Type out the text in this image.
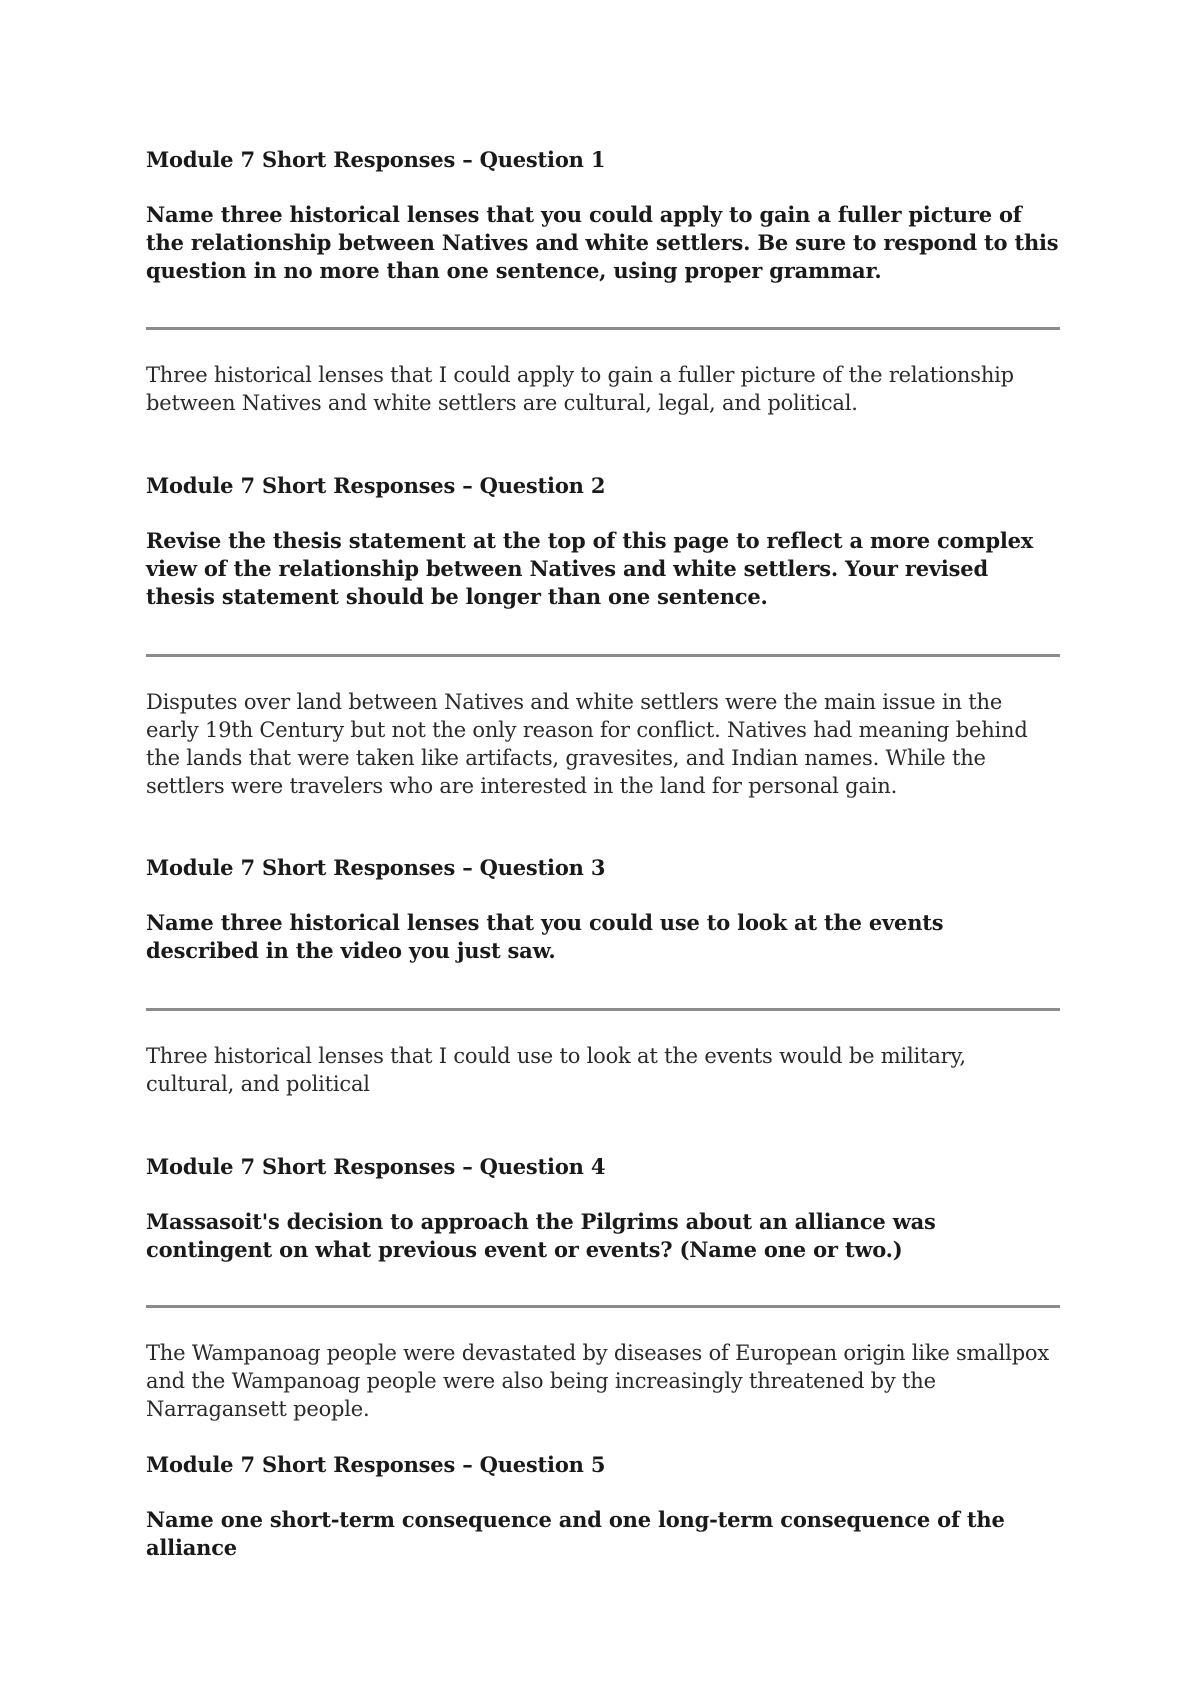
Module 7 Short Responses – Question 1

Name three historical lenses that you could apply to gain a fuller picture of the relationship between Natives and white settlers. Be sure to respond to this question in no more than one sentence, using proper grammar.

Three historical lenses that I could apply to gain a fuller picture of the relationship between Natives and white settlers are cultural, legal, and political.

Module 7 Short Responses – Question 2

Revise the thesis statement at the top of this page to reflect a more complex view of the relationship between Natives and white settlers. Your revised thesis statement should be longer than one sentence.

Disputes over land between Natives and white settlers were the main issue in the early 19th Century but not the only reason for conflict. Natives had meaning behind the lands that were taken like artifacts, gravesites, and Indian names. While the settlers were travelers who are interested in the land for personal gain.

Module 7 Short Responses – Question 3

Name three historical lenses that you could use to look at the events described in the video you just saw.

Three historical lenses that I could use to look at the events would be military, cultural, and political

Module 7 Short Responses – Question 4

Massasoit's decision to approach the Pilgrims about an alliance was contingent on what previous event or events? (Name one or two.)

The Wampanoag people were devastated by diseases of European origin like smallpox and the Wampanoag people were also being increasingly threatened by the Narragansett people.

Module 7 Short Responses – Question 5

Name one short-term consequence and one long-term consequence of the alliance
